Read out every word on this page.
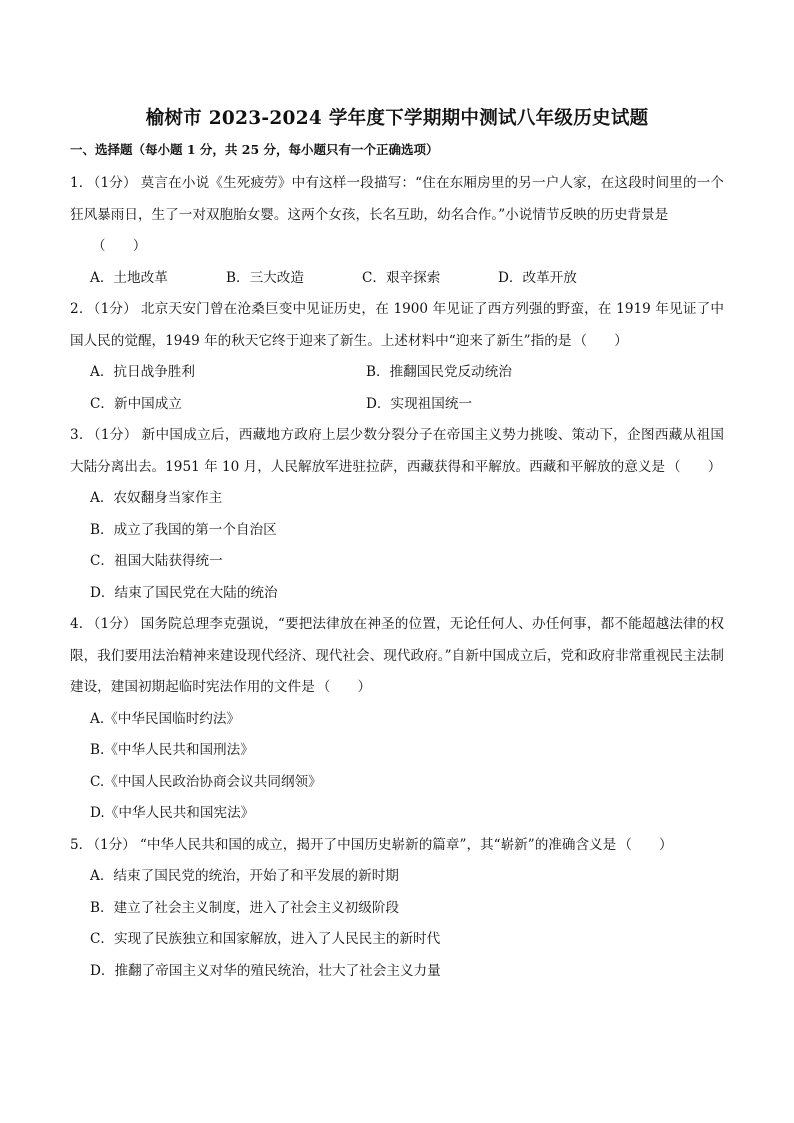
榆树市 2023-2024 学年度下学期期中测试八年级历史试题
一、选择题（每小题 1 分，共 25 分，每小题只有一个正确选项）

1．（1分） 莫言在小说《生死疲劳》中有这样一段描写：“住在东厢房里的另一户人家，在这段时间里的一个狂风暴雨日，生了一对双胞胎女婴。这两个女孩，长名互助，幼名合作。”小说情节反映的历史背景是

（　　）
A．土地改革	B．三大改造	C．艰辛探索	D．改革开放

2．（1分） 北京天安门曾在沧桑巨变中见证历史，在 1900 年见证了西方列强的野蛮，在 1919 年见证了中国人民的觉醒，1949 年的秋天它终于迎来了新生。上述材料中“迎来了新生”指的是 （　　）

A．抗日战争胜利	B．推翻国民党反动统治
C．新中国成立	D．实现祖国统一

3．（1分） 新中国成立后，西藏地方政府上层少数分裂分子在帝国主义势力挑唆、策动下，企图西藏从祖国大陆分离出去。1951 年 10 月，人民解放军进驻拉萨，西藏获得和平解放。西藏和平解放的意义是 （　　）

A．农奴翻身当家作主
B．成立了我国的第一个自治区
C．祖国大陆获得统一
D．结束了国民党在大陆的统治

4．（1分） 国务院总理李克强说，“要把法律放在神圣的位置，无论任何人、办任何事，都不能超越法律的权限，我们要用法治精神来建设现代经济、现代社会、现代政府。”自新中国成立后，党和政府非常重视民主法制建设，建国初期起临时宪法作用的文件是 （　　）

A.《中华民国临时约法》
B.《中华人民共和国刑法》
C.《中国人民政治协商会议共同纲领》
D.《中华人民共和国宪法》

5．（1分） “中华人民共和国的成立，揭开了中国历史崭新的篇章”，其“崭新”的准确含义是 （　　）

A．结束了国民党的统治，开始了和平发展的新时期
B．建立了社会主义制度，进入了社会主义初级阶段
C．实现了民族独立和国家解放，进入了人民民主的新时代
D．推翻了帝国主义对华的殖民统治，壮大了社会主义力量
